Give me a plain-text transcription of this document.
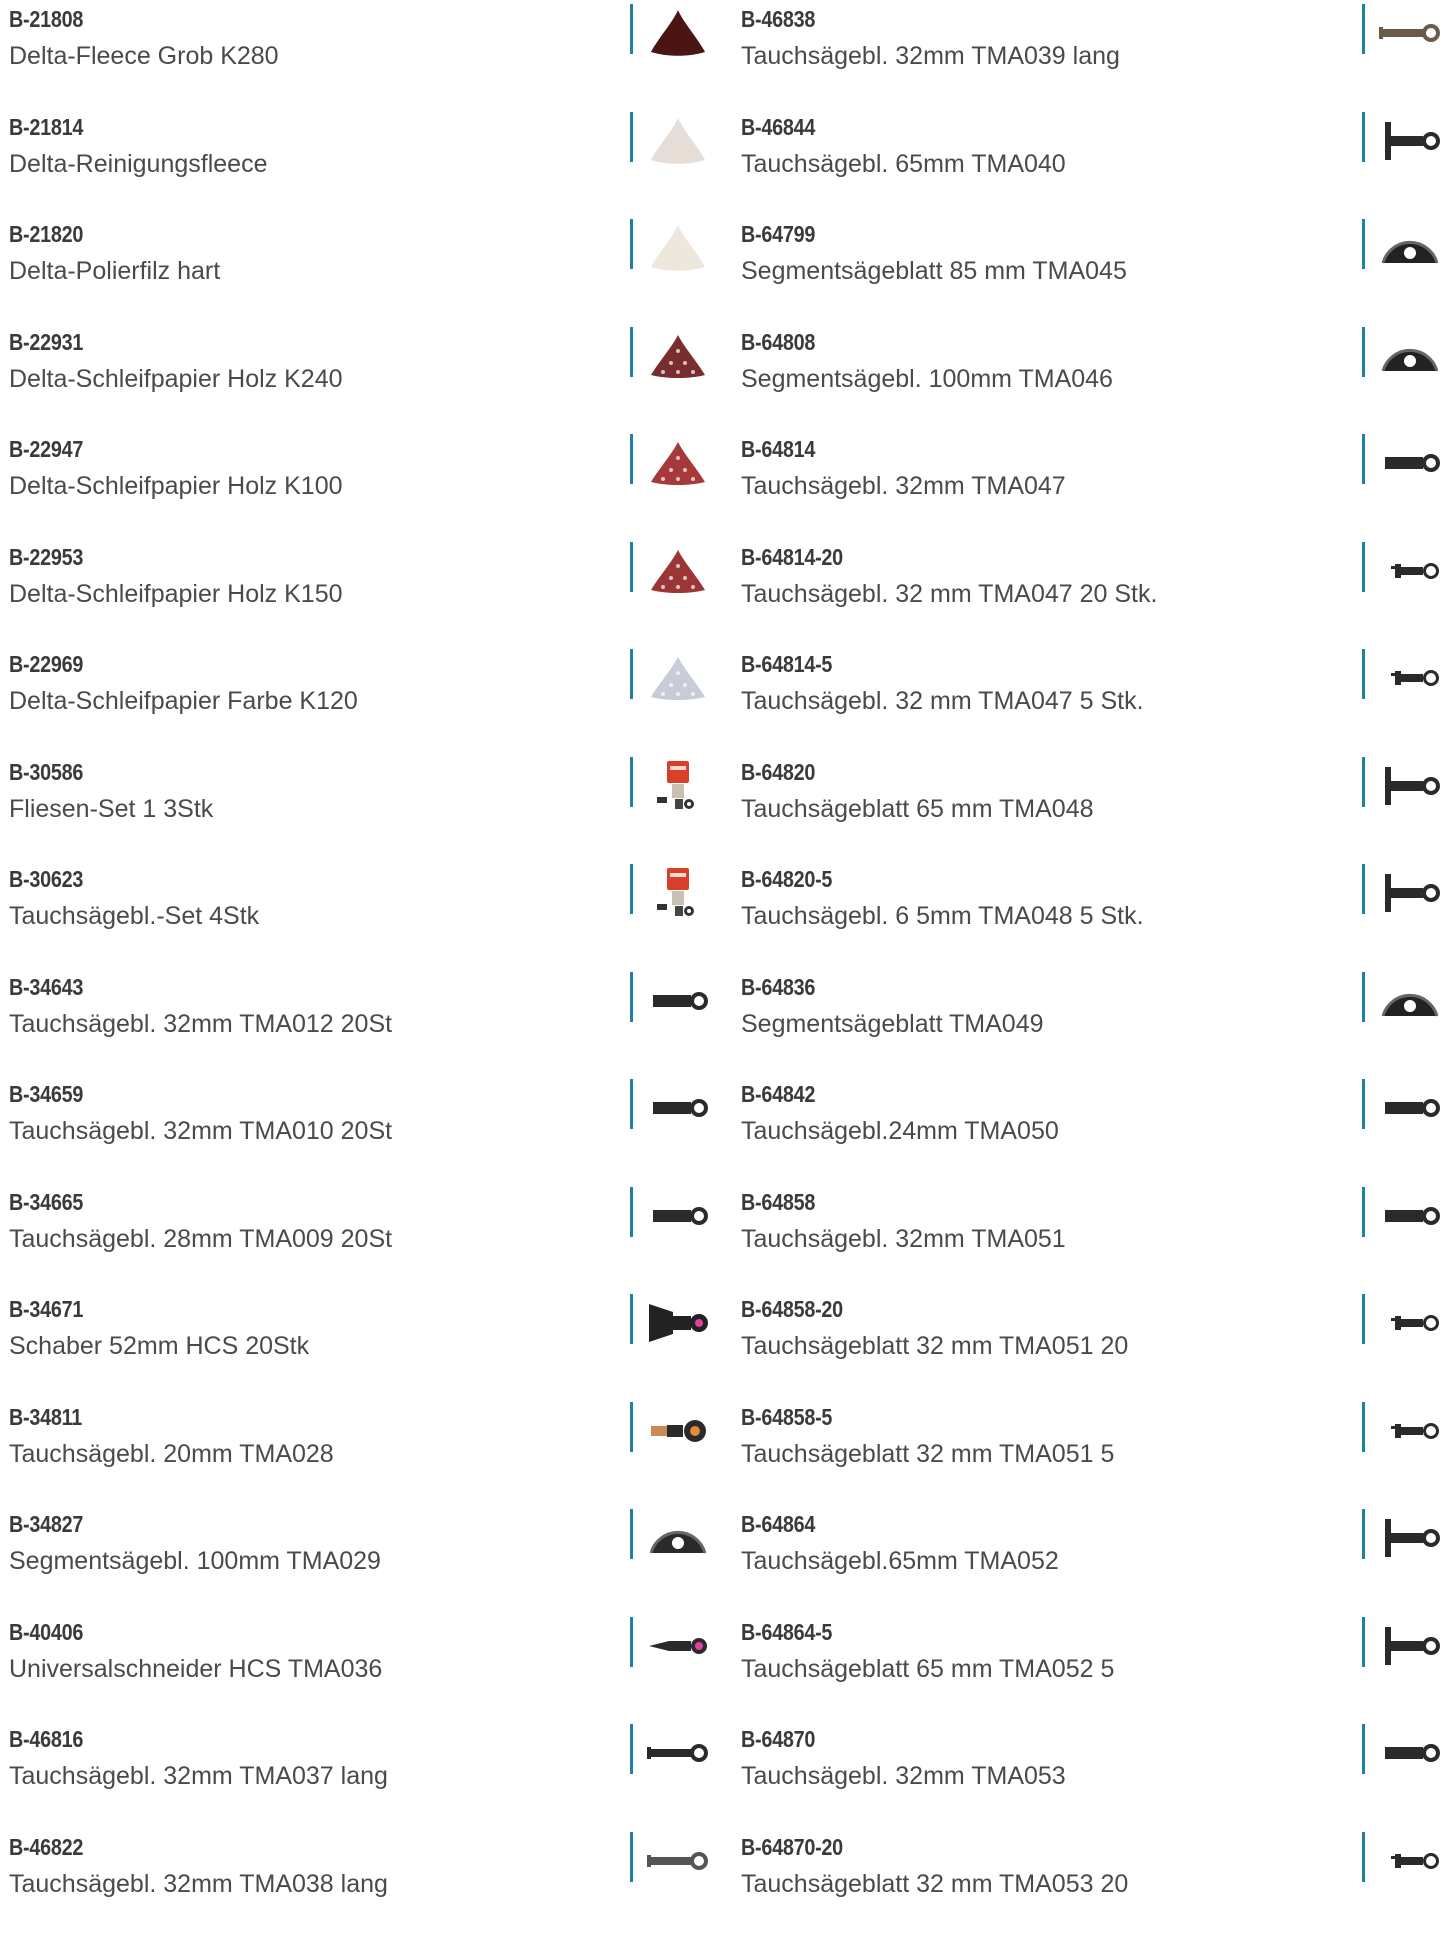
B-21808
Delta-Fleece Grob K280
B-21814
Delta-Reinigungsfleece
B-21820
Delta-Polierfilz hart
B-22931
Delta-Schleifpapier Holz K240
B-22947
Delta-Schleifpapier Holz K100
B-22953
Delta-Schleifpapier Holz K150
B-22969
Delta-Schleifpapier Farbe K120
B-30586
Fliesen-Set 1 3Stk
B-30623
Tauchsägebl.-Set 4Stk
B-34643
Tauchsägebl. 32mm TMA012 20St
B-34659
Tauchsägebl. 32mm TMA010 20St
B-34665
Tauchsägebl. 28mm TMA009 20St
B-34671
Schaber 52mm HCS 20Stk
B-34811
Tauchsägebl. 20mm TMA028
B-34827
Segmentsägebl. 100mm TMA029
B-40406
Universalschneider HCS TMA036
B-46816
Tauchsägebl. 32mm TMA037 lang
B-46822
Tauchsägebl. 32mm TMA038 lang
B-46838
Tauchsägebl. 32mm TMA039 lang
B-46844
Tauchsägebl. 65mm TMA040
B-64799
Segmentsägeblatt 85 mm TMA045
B-64808
Segmentsägebl. 100mm TMA046
B-64814
Tauchsägebl. 32mm TMA047
B-64814-20
Tauchsägebl. 32 mm TMA047 20 Stk.
B-64814-5
Tauchsägebl. 32 mm TMA047 5 Stk.
B-64820
Tauchsägeblatt 65 mm TMA048
B-64820-5
Tauchsägebl. 6 5mm TMA048 5 Stk.
B-64836
Segmentsägeblatt TMA049
B-64842
Tauchsägebl.24mm TMA050
B-64858
Tauchsägebl. 32mm TMA051
B-64858-20
Tauchsägeblatt 32 mm TMA051 20
B-64858-5
Tauchsägeblatt 32 mm TMA051 5
B-64864
Tauchsägebl.65mm TMA052
B-64864-5
Tauchsägeblatt 65 mm TMA052 5
B-64870
Tauchsägebl. 32mm TMA053
B-64870-20
Tauchsägeblatt 32 mm TMA053 20
